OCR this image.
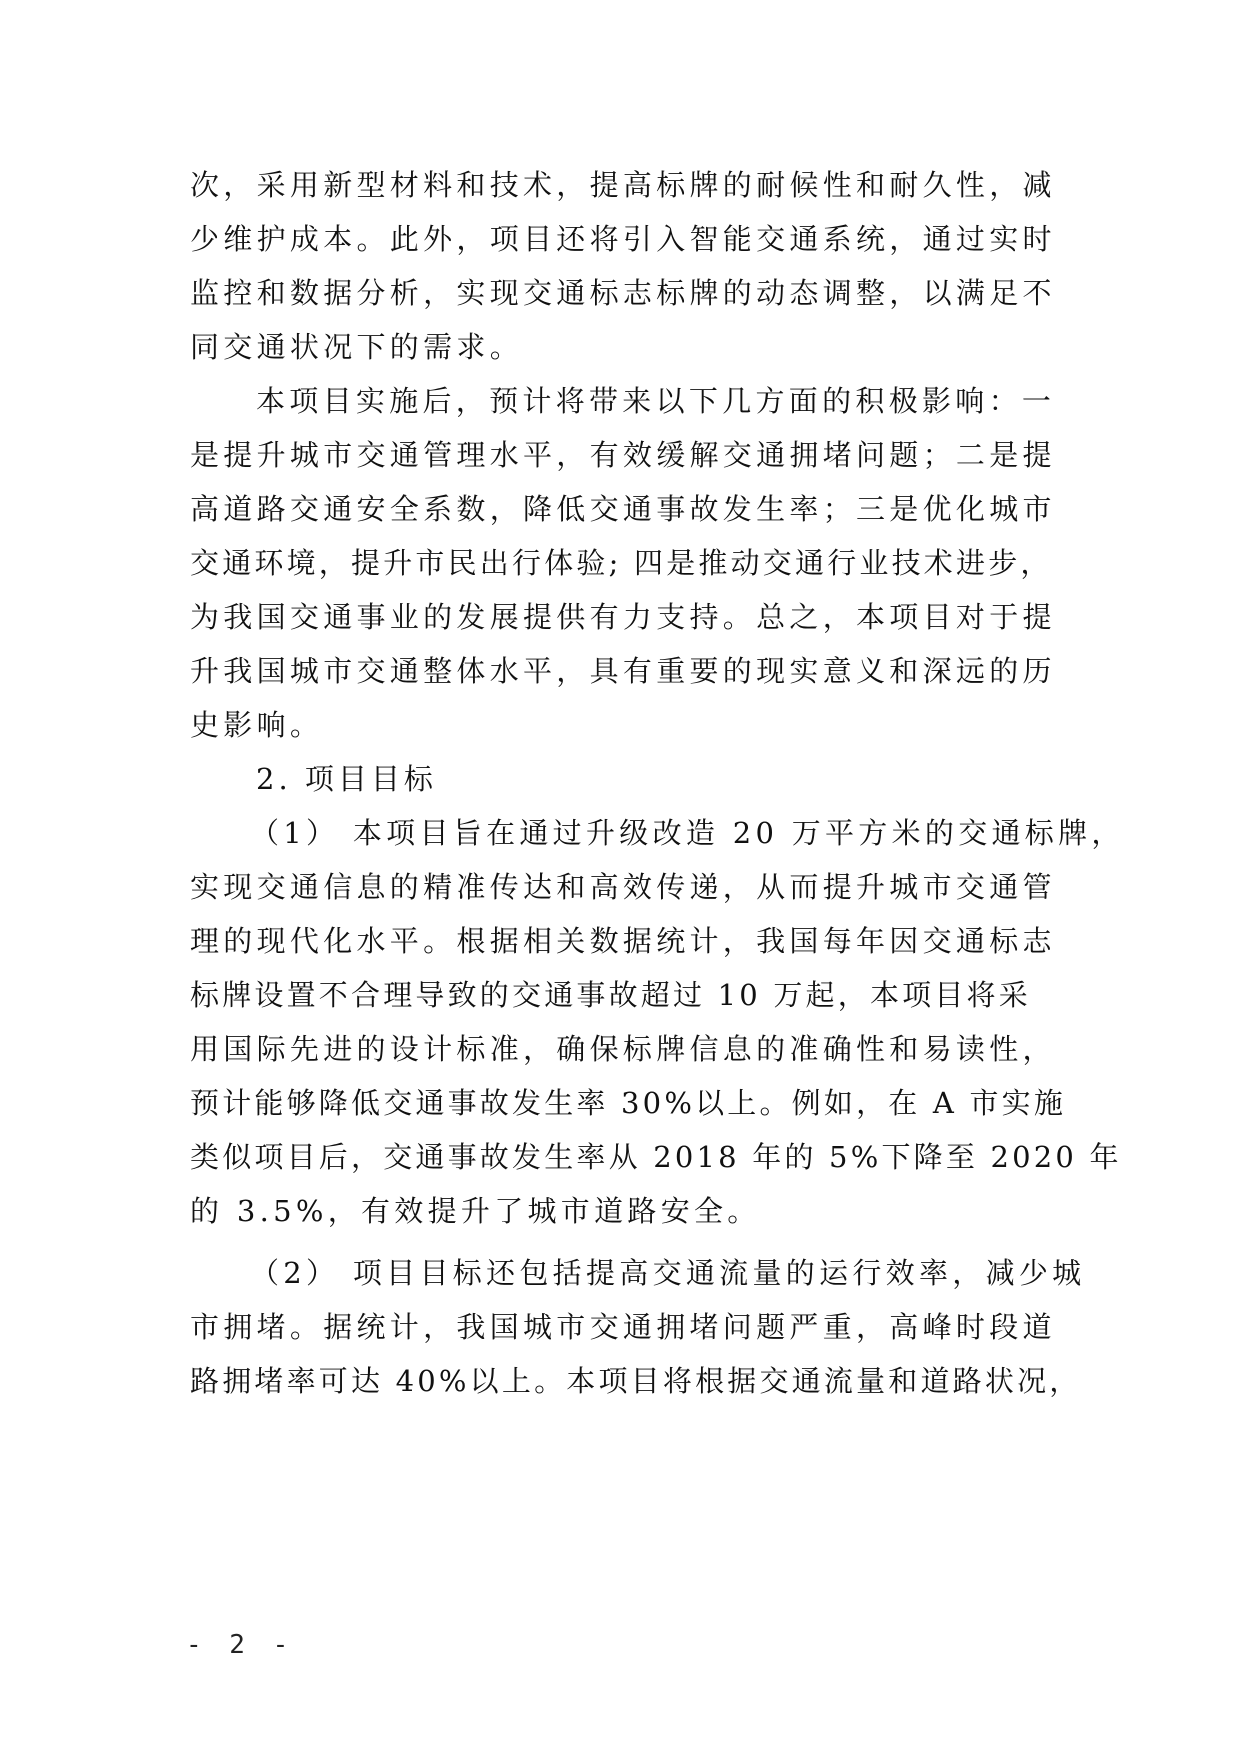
次，采用新型材料和技术，提高标牌的耐候性和耐久性，减
少维护成本。此外，项目还将引入智能交通系统，通过实时
监控和数据分析，实现交通标志标牌的动态调整，以满足不
同交通状况下的需求。
本项目实施后，预计将带来以下几方面的积极影响：一
是提升城市交通管理水平，有效缓解交通拥堵问题；二是提
高道路交通安全系数，降低交通事故发生率；三是优化城市
交通环境，提升市民出行体验; 四是推动交通行业技术进步，
为我国交通事业的发展提供有力支持。总之，本项目对于提
升我国城市交通整体水平，具有重要的现实意义和深远的历
史影响。
2. 项目目标
（1） 本项目旨在通过升级改造 20 万平方米的交通标牌，
实现交通信息的精准传达和高效传递，从而提升城市交通管
理的现代化水平。根据相关数据统计，我国每年因交通标志
标牌设置不合理导致的交通事故超过 10 万起，本项目将采
用国际先进的设计标准，确保标牌信息的准确性和易读性，
预计能够降低交通事故发生率 30%以上。例如，在 A 市实施
类似项目后，交通事故发生率从 2018 年的 5%下降至 2020 年
的 3.5%，有效提升了城市道路安全。
（2） 项目目标还包括提高交通流量的运行效率，减少城
市拥堵。据统计，我国城市交通拥堵问题严重，高峰时段道
路拥堵率可达 40%以上。本项目将根据交通流量和道路状况，
- 2 -
